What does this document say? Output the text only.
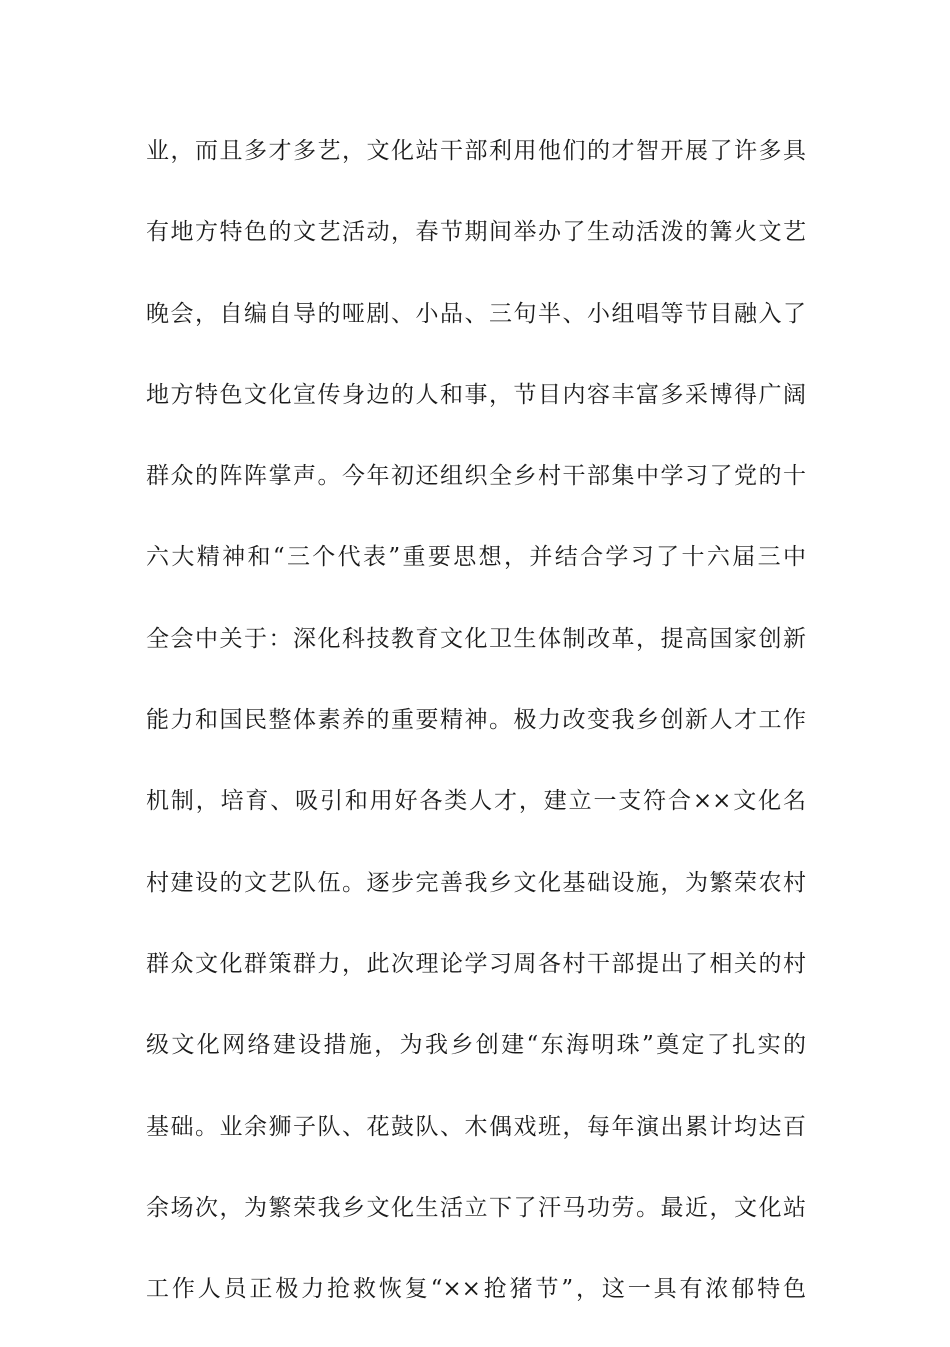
业，而且多才多艺，文化站干部利用他们的才智开展了许多具
有地方特色的文艺活动，春节期间举办了生动活泼的篝火文艺
晚会，自编自导的哑剧、小品、三句半、小组唱等节目融入了
地方特色文化宣传身边的人和事，节目内容丰富多采博得广阔
群众的阵阵掌声。今年初还组织全乡村干部集中学习了党的十
六大精神和“三个代表”重要思想，并结合学习了十六届三中
全会中关于：深化科技教育文化卫生体制改革，提高国家创新
能力和国民整体素养的重要精神。极力改变我乡创新人才工作
机制，培育、吸引和用好各类人才，建立一支符合××文化名
村建设的文艺队伍。逐步完善我乡文化基础设施，为繁荣农村
群众文化群策群力，此次理论学习周各村干部提出了相关的村
级文化网络建设措施，为我乡创建“东海明珠”奠定了扎实的
基础。业余狮子队、花鼓队、木偶戏班，每年演出累计均达百
余场次，为繁荣我乡文化生活立下了汗马功劳。最近，文化站
工作人员正极力抢救恢复“××抢猪节”，这一具有浓郁特色
